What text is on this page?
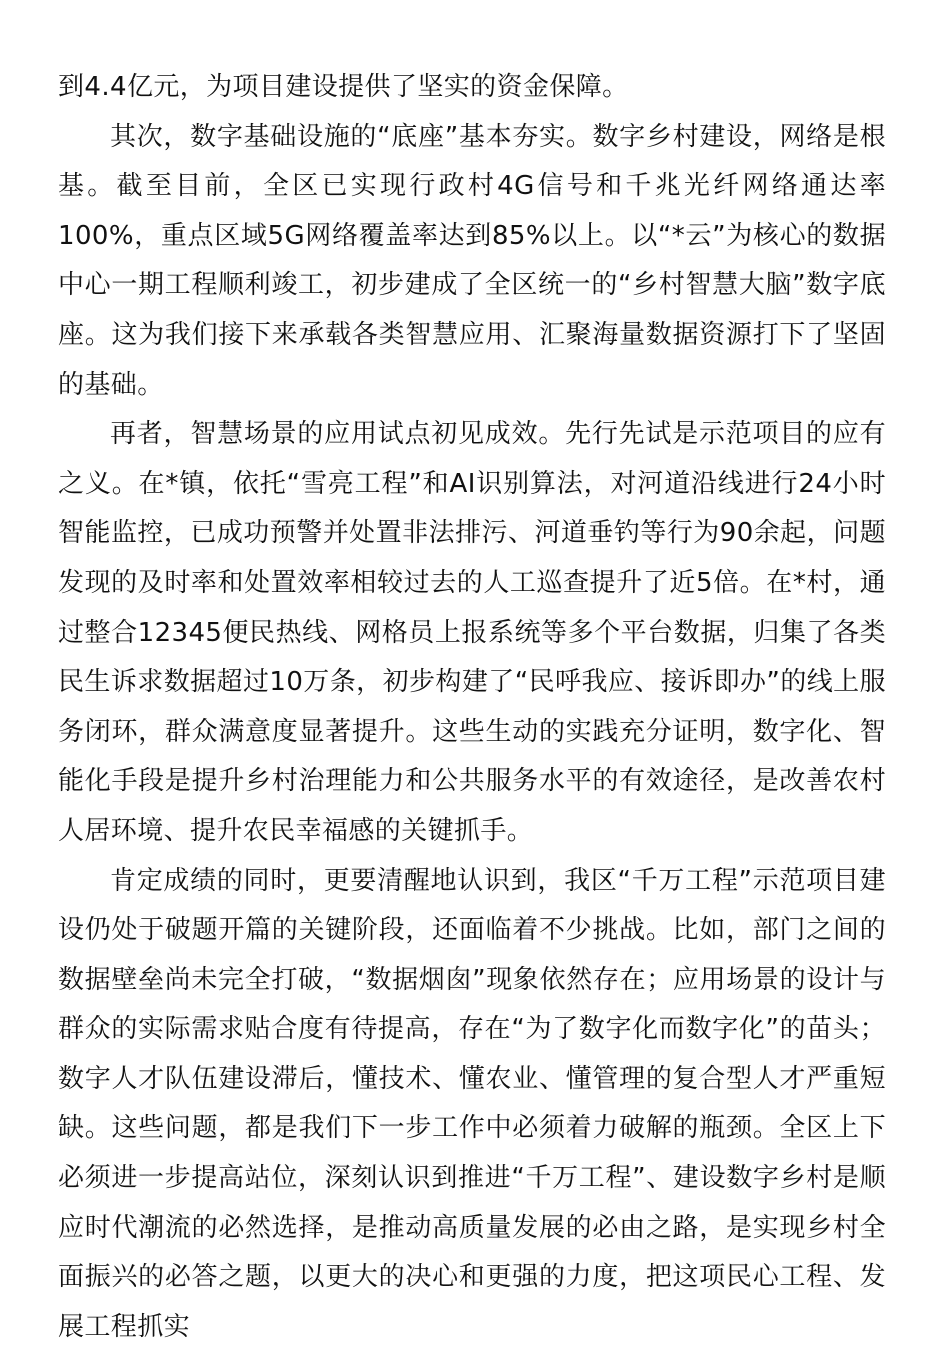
到4.4亿元，为项目建设提供了坚实的资金保障。

其次，数字基础设施的“底座”基本夯实。数字乡村建设，网络是根基。截至目前，全区已实现行政村4G信号和千兆光纤网络通达率100%，重点区域5G网络覆盖率达到85%以上。以“*云”为核心的数据中心一期工程顺利竣工，初步建成了全区统一的“乡村智慧大脑”数字底座。这为我们接下来承载各类智慧应用、汇聚海量数据资源打下了坚固的基础。

再者，智慧场景的应用试点初见成效。先行先试是示范项目的应有之义。在*镇，依托“雪亮工程”和AI识别算法，对河道沿线进行24小时智能监控，已成功预警并处置非法排污、河道垂钓等行为90余起，问题发现的及时率和处置效率相较过去的人工巡查提升了近5倍。在*村，通过整合12345便民热线、网格员上报系统等多个平台数据，归集了各类民生诉求数据超过10万条，初步构建了“民呼我应、接诉即办”的线上服务闭环，群众满意度显著提升。这些生动的实践充分证明，数字化、智能化手段是提升乡村治理能力和公共服务水平的有效途径，是改善农村人居环境、提升农民幸福感的关键抓手。

肯定成绩的同时，更要清醒地认识到，我区“千万工程”示范项目建设仍处于破题开篇的关键阶段，还面临着不少挑战。比如，部门之间的数据壁垒尚未完全打破，“数据烟囱”现象依然存在；应用场景的设计与群众的实际需求贴合度有待提高，存在“为了数字化而数字化”的苗头；数字人才队伍建设滞后，懂技术、懂农业、懂管理的复合型人才严重短缺。这些问题，都是我们下一步工作中必须着力破解的瓶颈。全区上下必须进一步提高站位，深刻认识到推进“千万工程”、建设数字乡村是顺应时代潮流的必然选择，是推动高质量发展的必由之路，是实现乡村全面振兴的必答之题，以更大的决心和更强的力度，把这项民心工程、发展工程抓实
